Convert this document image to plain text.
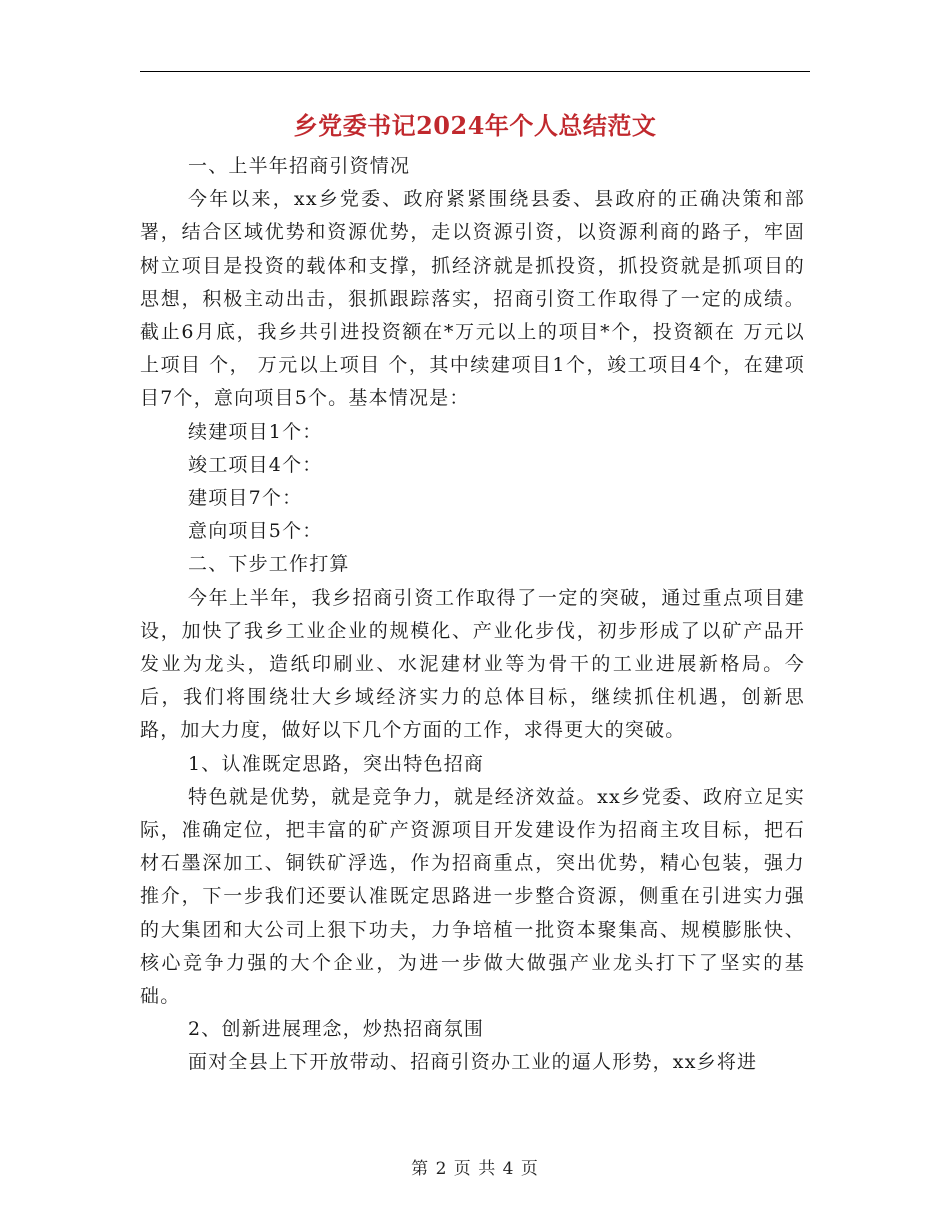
乡党委书记2024年个人总结范文

一、上半年招商引资情况

今年以来，xx乡党委、政府紧紧围绕县委、县政府的正确决策和部署，结合区域优势和资源优势，走以资源引资，以资源利商的路子，牢固树立项目是投资的载体和支撑，抓经济就是抓投资，抓投资就是抓项目的思想，积极主动出击，狠抓跟踪落实，招商引资工作取得了一定的成绩。截止6月底，我乡共引进投资额在*万元以上的项目*个，投资额在 万元以上项目 个， 万元以上项目 个，其中续建项目1个，竣工项目4个，在建项目7个，意向项目5个。基本情况是：

续建项目1个：

竣工项目4个：

建项目7个：

意向项目5个：

二、下步工作打算

今年上半年，我乡招商引资工作取得了一定的突破，通过重点项目建设，加快了我乡工业企业的规模化、产业化步伐，初步形成了以矿产品开发业为龙头，造纸印刷业、水泥建材业等为骨干的工业进展新格局。今后，我们将围绕壮大乡域经济实力的总体目标，继续抓住机遇，创新思路，加大力度，做好以下几个方面的工作，求得更大的突破。

1、认准既定思路，突出特色招商

特色就是优势，就是竞争力，就是经济效益。xx乡党委、政府立足实际，准确定位，把丰富的矿产资源项目开发建设作为招商主攻目标，把石材石墨深加工、铜铁矿浮选，作为招商重点，突出优势，精心包装，强力推介，下一步我们还要认准既定思路进一步整合资源，侧重在引进实力强的大集团和大公司上狠下功夫，力争培植一批资本聚集高、规模膨胀快、核心竞争力强的大个企业，为进一步做大做强产业龙头打下了坚实的基础。

2、创新进展理念，炒热招商氛围

面对全县上下开放带动、招商引资办工业的逼人形势，xx乡将进

第 2 页 共 4 页
